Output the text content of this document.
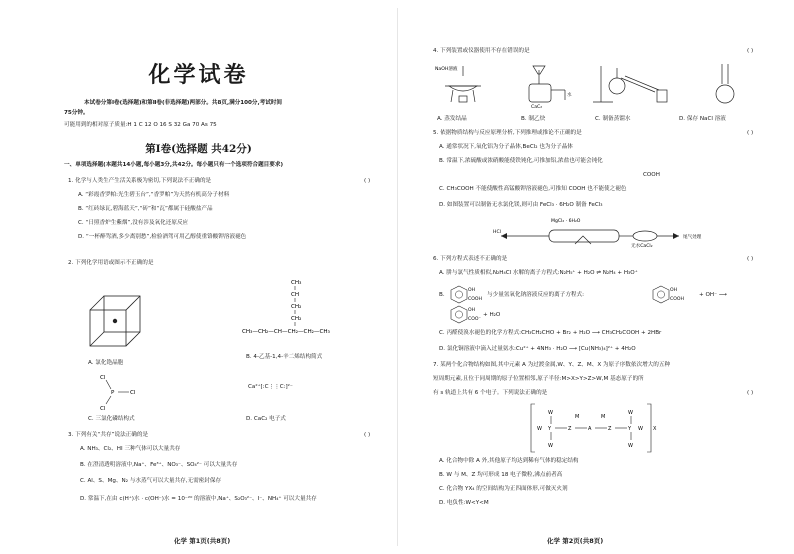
化学试卷
本试卷分第Ⅰ卷(选择题)和第Ⅱ卷(非选择题)两部分。共8页,满分100分,考试时间
75分钟。
可能用到的相对原子质量:H 1 C 12 O 16 S 32 Ga 70 As 75
第Ⅰ卷(选择题 共42分)
一、单项选择题(本题共14小题,每小题3分,共42分。每小题只有一个选项符合题目要求)
1. 化学与人类生产生活关系极为密切,下列说法不正确的是	( )
A. “彩霞香罗帕:光生碧玉台”,“香罗帕”为天然有机高分子材料
B. “红砖绿瓦,碧海蓝天”,“砖”和“瓦”都属于硅酸盐产品
C. “日照香炉生紫烟”,没有涉及氧化还原反应
D. “一杯醉驾酒,多少离别愁”,检验酒驾可用乙醇使重铬酸钾溶液褪色
2. 下列化学用语或图示不正确的是
A. 氯化铯晶胞
CH₃
CH
CH₂
CH₂
CH₃—CH₂—CH—CH₂—CH₂—CH₃
B. 4-乙基-1,4-辛二烯结构简式
Cl
P	Cl
Cl
Ca²⁺[:C⋮⋮C:]²⁻
C. 三氯化磷结构式	D. CaC₂ 电子式
3. 下列有关“共存”说法正确的是	( )
A. NH₃、Cl₂、HI 三种气体可以大量共存
B. 在澄清透明溶液中,Na⁺、Fe³⁺、NO₃⁻、SO₄²⁻ 可以大量共存
C. Al、S、Mg、N₂ 与水蒸气可以大量共存,无需密封保存
D. 常温下,在由 c(H⁺)水 · c(OH⁻)水 = 10⁻²⁰ 的溶液中,Na⁺、S₂O₃²⁻、I⁻、NH₄⁺ 可以大量共存
化学 第1页(共8页)
4. 下列装置或仪器使用不存在错误的是	( )
NaOH溶液
CaC₂
水
A. 蒸发结晶	B. 制乙炔	C. 制备蒸馏水	D. 保存 NaCl 溶液
5. 依据物质结构与反应原理分析,下列推理或推论不正确的是	( )
A. 通常状况下,氧化铝为分子晶体,BeCl₂ 也为分子晶体
B. 常温下,浓硫酸或浓硝酸能使铁钝化,可推加铝,浓盐也可能会钝化
COOH
C. CH₃COOH 不能使酸性高锰酸钾溶液褪色,可推知 COOH 也不能使之褪色
D. 如图装置可以制备无水氯化镁,则可由 FeCl₃ · 6H₂O 制备 FeCl₃
HCl
MgCl₂ · 6H₂O
无水CaCl₂
尾气处理
6. 下列方程式表述不正确的是	( )
A. 肼与氯气性质相似,N₂H₄Cl 水解的离子方程式:N₂H₅⁺ + H₂O ⇌ N₂H₄ + H₃O⁺
B.
OH
COOH
与少量氢氧化钠溶液反应的离子方程式:
OH
COOH
+ OH⁻ ⟶
OH
COO⁻
+ H₂O
C. 丙醛使溴水褪色的化学方程式:CH₃CH₂CHO + Br₂ + H₂O ⟶ CH₃CH₂COOH + 2HBr
D. 氯化铜溶液中滴入过量氨水:Cu²⁺ + 4NH₃ · H₂O ⟶ [Cu(NH₃)₄]²⁺ + 4H₂O
7. 某两个化合物结构如图,其中元素 A 为过渡金属,W、Y、Z、M、X 为原子序数依次增大的五种
短周期元素,且位于同周期的原子位置相邻,原子半径:M>X>Y>Z>W,M 基态原子的所
有 s 轨道上共有 6 个电子。下列说法正确的是	( )
W Y
W
W
Z	A	Z	Y
W
W
W
M	M
X
A. 化合物中除 A 外,其他原子均达到稀有气体的稳定结构
B. W 与 M、Z 均可形成 18 电子微粒,沸点前者高
C. 化合物 YX₄ 的空间结构为正四面体形,可做灭火剂
D. 电负性:W<Y<M
化学 第2页(共8页)
